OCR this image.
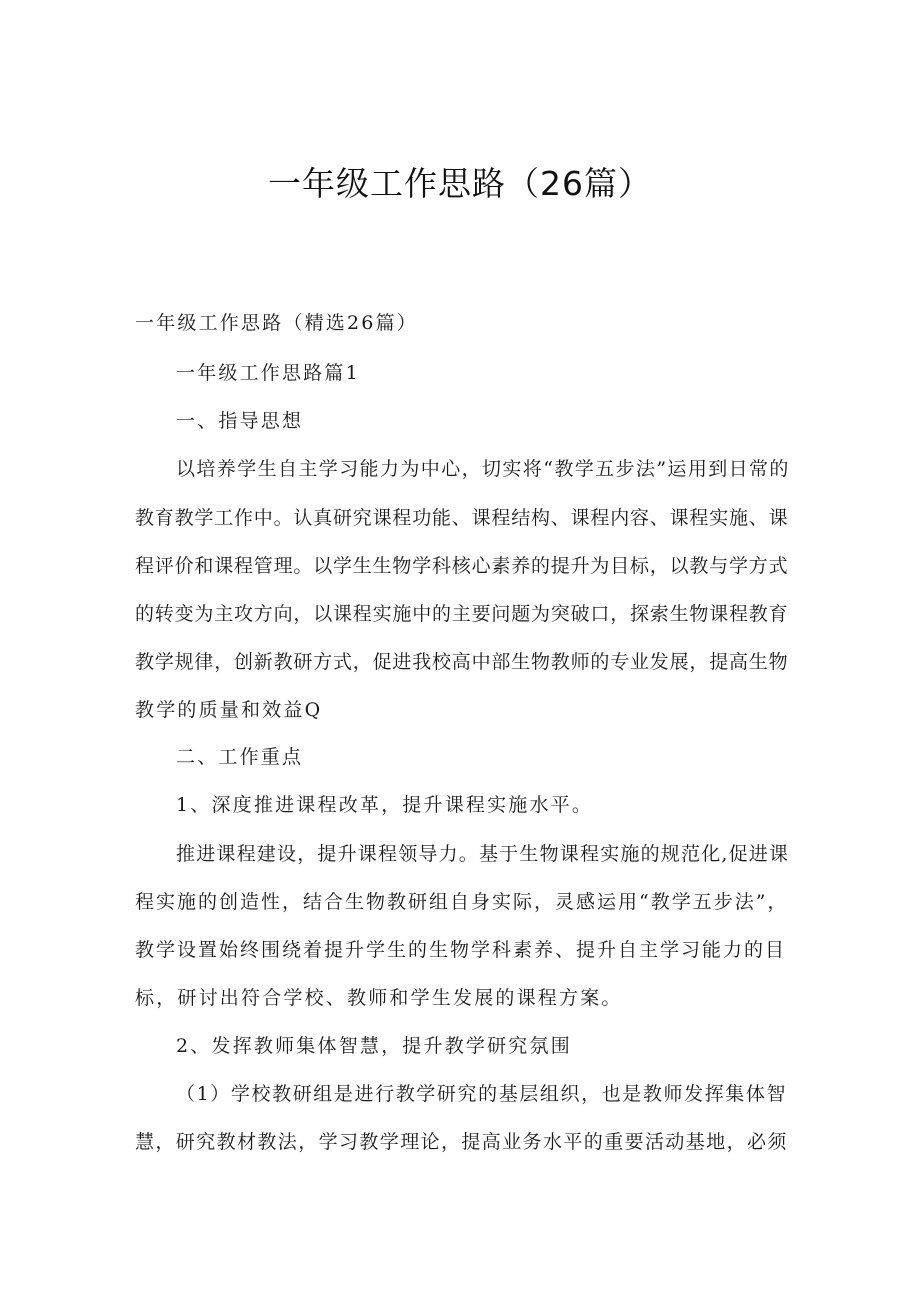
一年级工作思路（26篇）

一年级工作思路（精选26篇）

一年级工作思路篇1

一、指导思想

以培养学生自主学习能力为中心，切实将“教学五步法”运用到日常的

教育教学工作中。认真研究课程功能、课程结构、课程内容、课程实施、课

程评价和课程管理。以学生生物学科核心素养的提升为目标，以教与学方式

的转变为主攻方向，以课程实施中的主要问题为突破口，探索生物课程教育

教学规律，创新教研方式，促进我校高中部生物教师的专业发展，提高生物

教学的质量和效益Q

二、工作重点

1、深度推进课程改革，提升课程实施水平。

推进课程建设，提升课程领导力。基于生物课程实施的规范化,促进课

程实施的创造性，结合生物教研组自身实际，灵感运用“教学五步法”，

教学设置始终围绕着提升学生的生物学科素养、提升自主学习能力的目

标，研讨出符合学校、教师和学生发展的课程方案。

2、发挥教师集体智慧，提升教学研究氛围

（1）学校教研组是进行教学研究的基层组织，也是教师发挥集体智

慧，研究教材教法，学习教学理论，提高业务水平的重要活动基地，必须
